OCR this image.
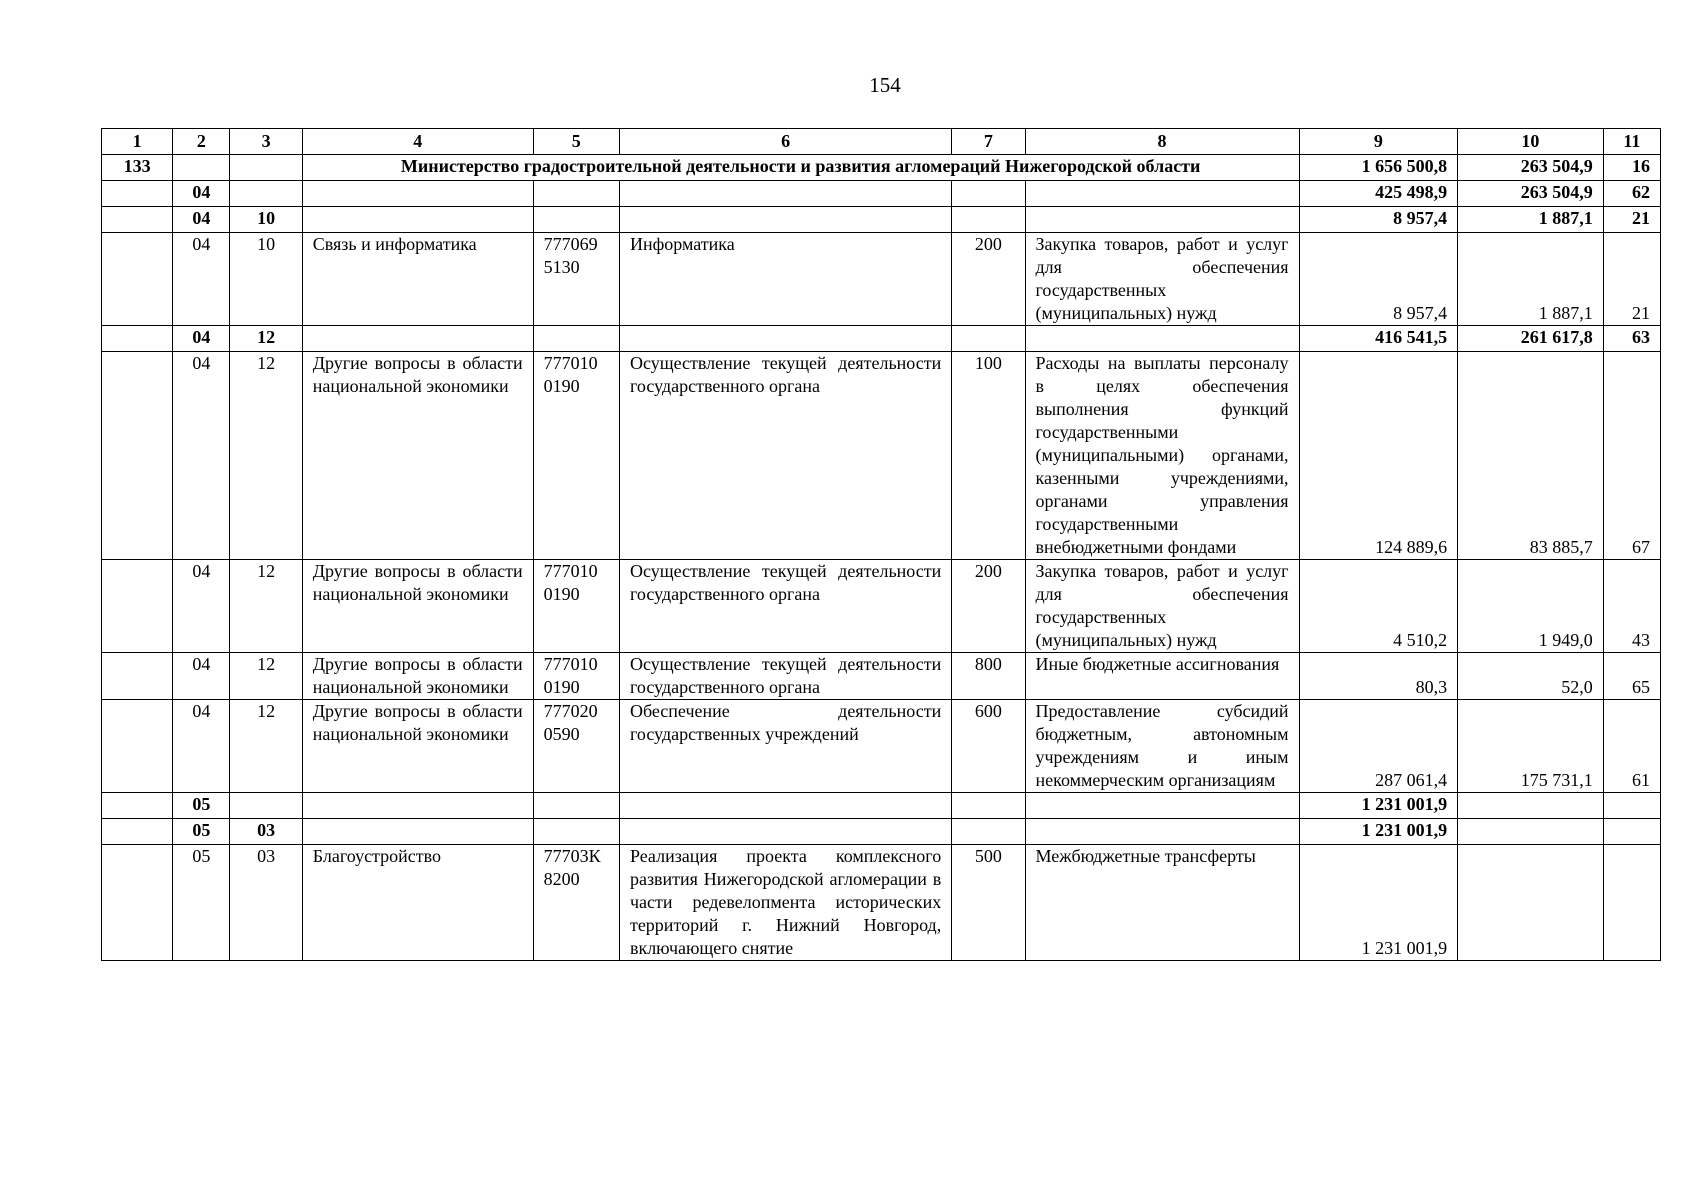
154
1	2	3	4	5	6	7	8	9	10	11
133			Министерство градостроительной деятельности и развития агломераций Нижегородской области					1 656 500,8	263 504,9	16
	04							425 498,9	263 504,9	62
	04	10						8 957,4	1 887,1	21
	04	10	Связь и информатика	777069 5130	Информатика	200	Закупка товаров, работ и услуг для обеспечения государственных (муниципальных) нужд	8 957,4	1 887,1	21
	04	12						416 541,5	261 617,8	63
	04	12	Другие вопросы в области национальной экономики	777010 0190	Осуществление текущей деятельности государственного органа	100	Расходы на выплаты персоналу в целях обеспечения выполнения функций государственными (муниципальными) органами, казенными учреждениями, органами управления государственными внебюджетными фондами	124 889,6	83 885,7	67
	04	12	Другие вопросы в области национальной экономики	777010 0190	Осуществление текущей деятельности государственного органа	200	Закупка товаров, работ и услуг для обеспечения государственных (муниципальных) нужд	4 510,2	1 949,0	43
	04	12	Другие вопросы в области национальной экономики	777010 0190	Осуществление текущей деятельности государственного органа	800	Иные бюджетные ассигнования	80,3	52,0	65
	04	12	Другие вопросы в области национальной экономики	777020 0590	Обеспечение деятельности государственных учреждений	600	Предоставление субсидий бюджетным, автономным учреждениям и иным некоммерческим организациям	287 061,4	175 731,1	61
	05							1 231 001,9		
	05	03						1 231 001,9		
	05	03	Благоустройство	77703К 8200	Реализация проекта комплексного развития Нижегородской агломерации в части редевелопмента исторических территорий г. Нижний Новгород, включающего снятие	500	Межбюджетные трансферты	1 231 001,9		
